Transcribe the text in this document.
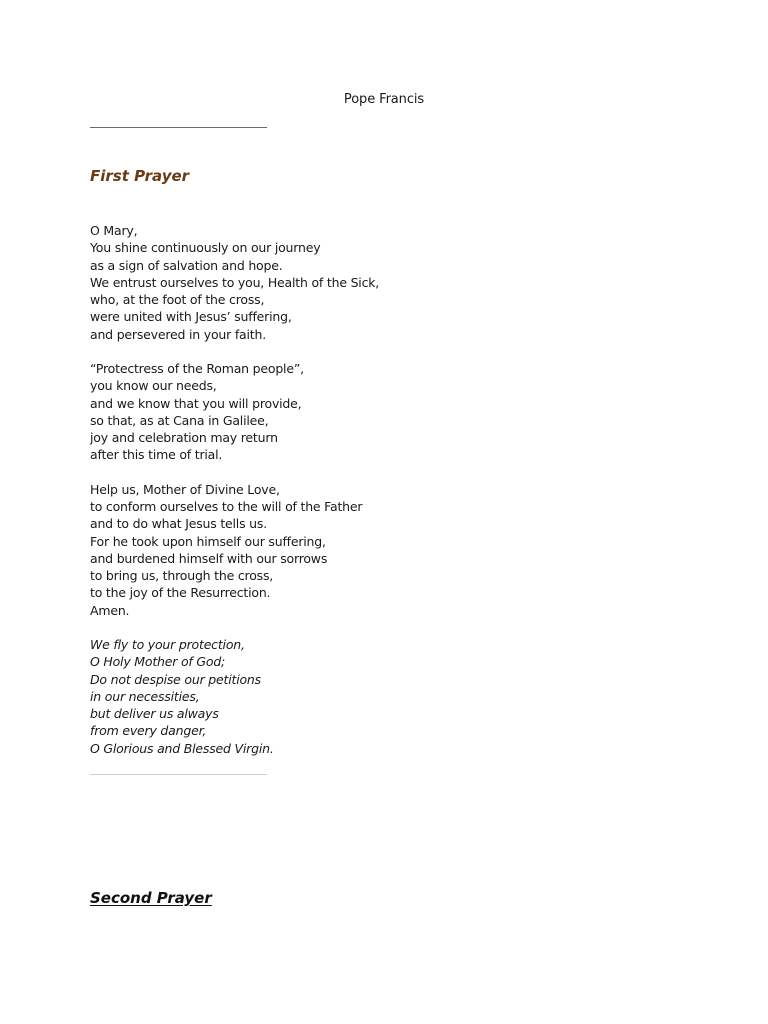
Pope Francis
First Prayer
O Mary,
You shine continuously on our journey
as a sign of salvation and hope.
We entrust ourselves to you, Health of the Sick,
who, at the foot of the cross,
were united with Jesus’ suffering,
and persevered in your faith.
“Protectress of the Roman people”,
you know our needs,
and we know that you will provide,
so that, as at Cana in Galilee,
joy and celebration may return
after this time of trial.
Help us, Mother of Divine Love,
to conform ourselves to the will of the Father
and to do what Jesus tells us.
For he took upon himself our suffering,
and burdened himself with our sorrows
to bring us, through the cross,
to the joy of the Resurrection.
Amen.
We fly to your protection,
O Holy Mother of God;
Do not despise our petitions
in our necessities,
but deliver us always
from every danger,
O Glorious and Blessed Virgin.
Second Prayer
